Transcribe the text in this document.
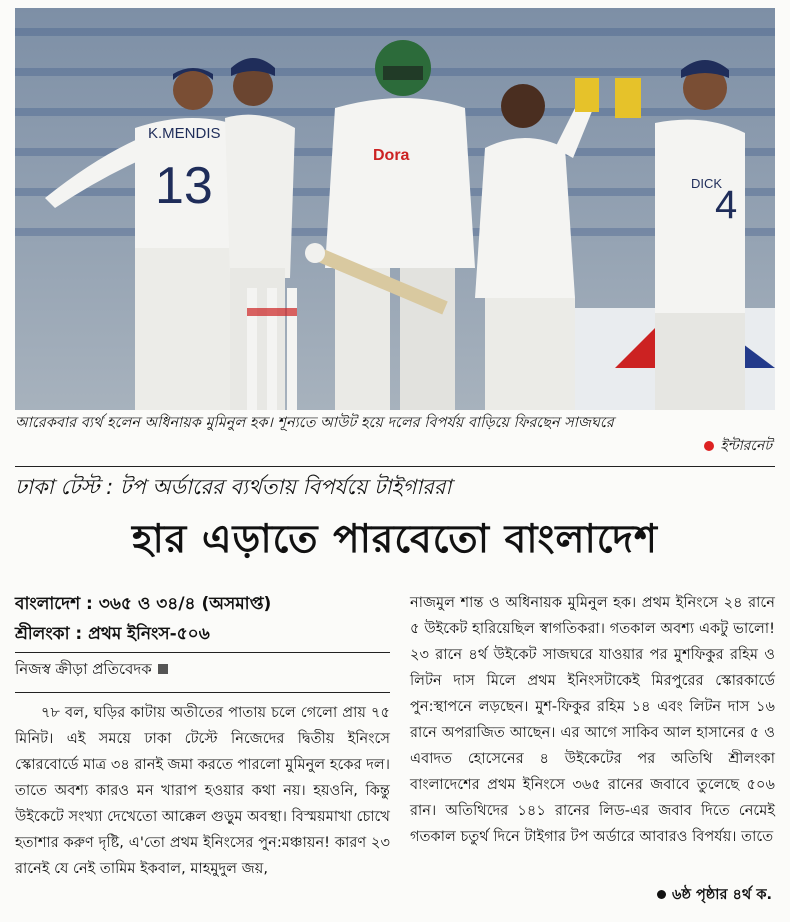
K.MENDIS
13
Dora
DICK
4
আরেকবার ব্যর্থ হলেন অধিনায়ক মুমিনুল হক। শূন্যতে আউট হয়ে দলের বিপর্যয় বাড়িয়ে ফিরছেন সাজঘরে
ইন্টারনেট
ঢাকা টেস্ট : টপ অর্ডারের ব্যর্থতায় বিপর্যয়ে টাইগাররা
হার এড়াতে পারবেতো বাংলাদেশ
বাংলাদেশ : ৩৬৫ ও ৩৪/৪ (অসমাপ্ত)
শ্রীলংকা : প্রথম ইনিংস-৫০৬
নিজস্ব ক্রীড়া প্রতিবেদক

৭৮ বল, ঘড়ির কাটায় অতীতের পাতায় চলে গেলো প্রায় ৭৫ মিনিট। এই সময়ে ঢাকা টেস্টে নিজেদের দ্বিতীয় ইনিংসে স্কোরবোর্ডে মাত্র ৩৪ রানই জমা করতে পারলো মুমিনুল হকের দল। তাতে অবশ্য কারও মন খারাপ হওয়ার কথা নয়। হয়ওনি, কিন্তু উইকেটে সংখ্যা দেখেতো আক্কেল গুড়ুম অবস্থা। বিস্ময়মাখা চোখে হতাশার করুণ দৃষ্টি, এ'তো প্রথম ইনিংসের পুন:মঞ্চায়ন! কারণ ২৩ রানেই যে নেই তামিম ইকবাল, মাহমুদুল জয়,

নাজমুল শান্ত ও অধিনায়ক মুমিনুল হক। প্রথম ইনিংসে ২৪ রানে ৫ উইকেট হারিয়েছিল স্বাগতিকরা। গতকাল অবশ্য একটু ভালো! ২৩ রানে ৪র্থ উইকেট সাজঘরে যাওয়ার পর মুশফিকুর রহিম ও লিটন দাস মিলে প্রথম ইনিংসটাকেই মিরপুরের স্কোরকার্ডে পুন:স্থাপনে লড়ছেন। মুশ-ফিকুর রহিম ১৪ এবং লিটন দাস ১৬ রানে অপরাজিত আছেন। এর আগে সাকিব আল হাসানের ৫ ও এবাদত হোসেনের ৪ উইকেটের পর অতিথি শ্রীলংকা বাংলাদেশের প্রথম ইনিংসে ৩৬৫ রানের জবাবে তুলেছে ৫০৬ রান। অতিথিদের ১৪১ রানের লিড-এর জবাব দিতে নেমেই গতকাল চতুর্থ দিনে টাইগার টপ অর্ডারে আবারও বিপর্যয়। তাতে

৬ষ্ঠ পৃষ্ঠার ৪র্থ ক.
